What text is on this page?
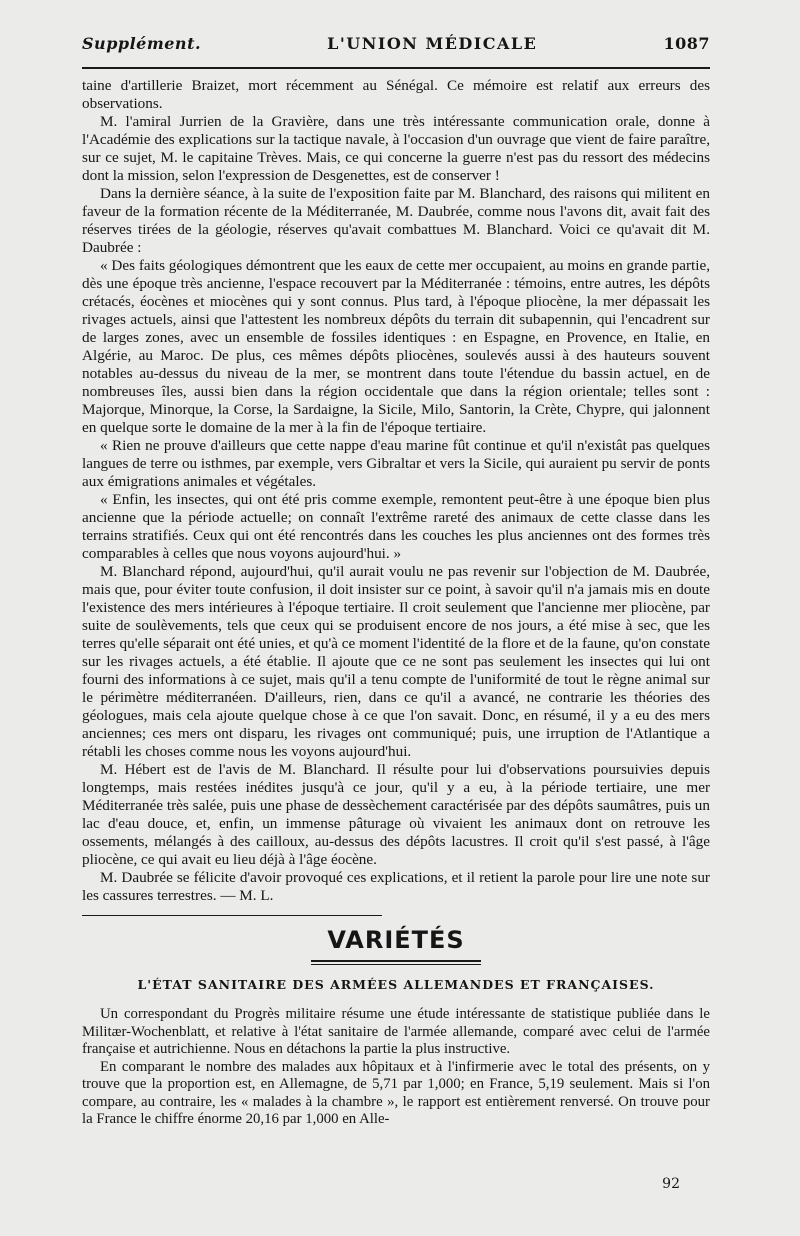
Supplément.	L'UNION MÉDICALE	1087

taine d'artillerie Braizet, mort récemment au Sénégal. Ce mémoire est relatif aux erreurs des observations.

M. l'amiral Jurrien de la Gravière, dans une très intéressante communication orale, donne à l'Académie des explications sur la tactique navale, à l'occasion d'un ouvrage que vient de faire paraître, sur ce sujet, M. le capitaine Trèves. Mais, ce qui concerne la guerre n'est pas du ressort des médecins dont la mission, selon l'expression de Desgenettes, est de conserver !

Dans la dernière séance, à la suite de l'exposition faite par M. Blanchard, des raisons qui militent en faveur de la formation récente de la Méditerranée, M. Daubrée, comme nous l'avons dit, avait fait des réserves tirées de la géologie, réserves qu'avait combattues M. Blanchard. Voici ce qu'avait dit M. Daubrée :

« Des faits géologiques démontrent que les eaux de cette mer occupaient, au moins en grande partie, dès une époque très ancienne, l'espace recouvert par la Méditerranée : témoins, entre autres, les dépôts crétacés, éocènes et miocènes qui y sont connus. Plus tard, à l'époque pliocène, la mer dépassait les rivages actuels, ainsi que l'attestent les nombreux dépôts du terrain dit subapennin, qui l'encadrent sur de larges zones, avec un ensemble de fossiles identiques : en Espagne, en Provence, en Italie, en Algérie, au Maroc. De plus, ces mêmes dépôts pliocènes, soulevés aussi à des hauteurs souvent notables au-dessus du niveau de la mer, se montrent dans toute l'étendue du bassin actuel, en de nombreuses îles, aussi bien dans la région occidentale que dans la région orientale; telles sont : Majorque, Minorque, la Corse, la Sardaigne, la Sicile, Milo, Santorin, la Crète, Chypre, qui jalonnent en quelque sorte le domaine de la mer à la fin de l'époque tertiaire.

« Rien ne prouve d'ailleurs que cette nappe d'eau marine fût continue et qu'il n'existât pas quelques langues de terre ou isthmes, par exemple, vers Gibraltar et vers la Sicile, qui auraient pu servir de ponts aux émigrations animales et végétales.

« Enfin, les insectes, qui ont été pris comme exemple, remontent peut-être à une époque bien plus ancienne que la période actuelle; on connaît l'extrême rareté des animaux de cette classe dans les terrains stratifiés. Ceux qui ont été rencontrés dans les couches les plus anciennes ont des formes très comparables à celles que nous voyons aujourd'hui. »

M. Blanchard répond, aujourd'hui, qu'il aurait voulu ne pas revenir sur l'objection de M. Daubrée, mais que, pour éviter toute confusion, il doit insister sur ce point, à savoir qu'il n'a jamais mis en doute l'existence des mers intérieures à l'époque tertiaire. Il croit seulement que l'ancienne mer pliocène, par suite de soulèvements, tels que ceux qui se produisent encore de nos jours, a été mise à sec, que les terres qu'elle séparait ont été unies, et qu'à ce moment l'identité de la flore et de la faune, qu'on constate sur les rivages actuels, a été établie. Il ajoute que ce ne sont pas seulement les insectes qui lui ont fourni des informations à ce sujet, mais qu'il a tenu compte de l'uniformité de tout le règne animal sur le périmètre méditerranéen. D'ailleurs, rien, dans ce qu'il a avancé, ne contrarie les théories des géologues, mais cela ajoute quelque chose à ce que l'on savait. Donc, en résumé, il y a eu des mers anciennes; ces mers ont disparu, les rivages ont communiqué; puis, une irruption de l'Atlantique a rétabli les choses comme nous les voyons aujourd'hui.

M. Hébert est de l'avis de M. Blanchard. Il résulte pour lui d'observations poursuivies depuis longtemps, mais restées inédites jusqu'à ce jour, qu'il y a eu, à la période tertiaire, une mer Méditerranée très salée, puis une phase de dessèchement caractérisée par des dépôts saumâtres, puis un lac d'eau douce, et, enfin, un immense pâturage où vivaient les animaux dont on retrouve les ossements, mélangés à des cailloux, au-dessus des dépôts lacustres. Il croit qu'il s'est passé, à l'âge pliocène, ce qui avait eu lieu déjà à l'âge éocène.

M. Daubrée se félicite d'avoir provoqué ces explications, et il retient la parole pour lire une note sur les cassures terrestres. — M. L.

VARIÉTÉS
L'ÉTAT SANITAIRE DES ARMÉES ALLEMANDES ET FRANÇAISES.

Un correspondant du Progrès militaire résume une étude intéressante de statistique publiée dans le Militær-Wochenblatt, et relative à l'état sanitaire de l'armée allemande, comparé avec celui de l'armée française et autrichienne. Nous en détachons la partie la plus instructive.

En comparant le nombre des malades aux hôpitaux et à l'infirmerie avec le total des présents, on y trouve que la proportion est, en Allemagne, de 5,71 par 1,000; en France, 5,19 seulement. Mais si l'on compare, au contraire, les « malades à la chambre », le rapport est entièrement renversé. On trouve pour la France le chiffre énorme 20,16 par 1,000 en Alle-

92
